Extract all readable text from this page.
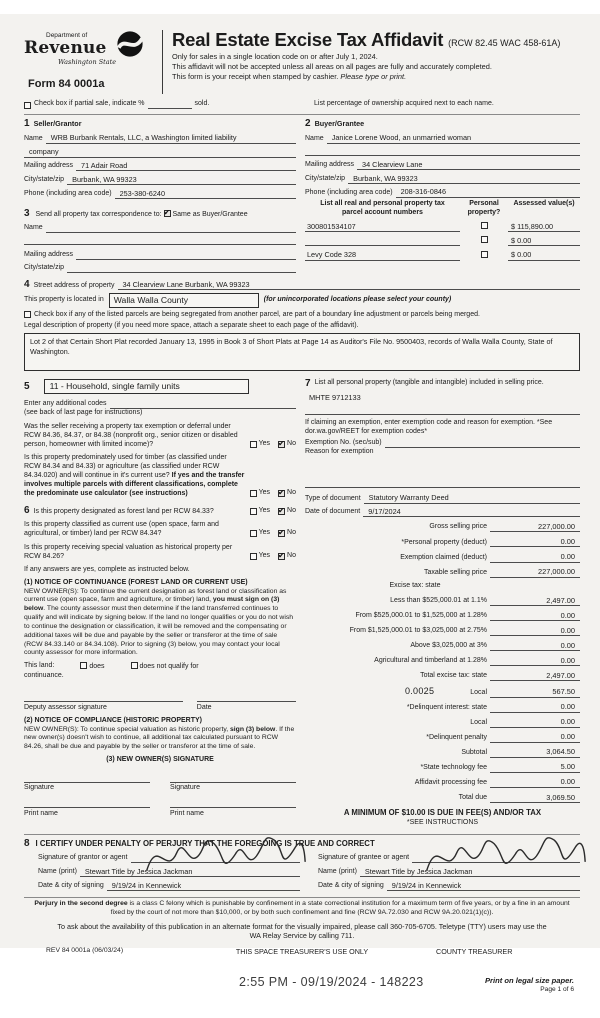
Department of
Revenue
Washington State
Form 84 0001a
Real Estate Excise Tax Affidavit (RCW 82.45 WAC 458-61A)
Only for sales in a single location code on or after July 1, 2024.
This affidavit will not be accepted unless all areas on all pages are fully and accurately completed.
This form is your receipt when stamped by cashier. Please type or print.
Check box if partial sale, indicate %	sold.	List percentage of ownership acquired next to each name.
1 Seller/Grantor
Name	WRB Burbank Rentals, LLC, a Washington limited liability
company
Mailing address	71 Adair Road
City/state/zip	Burbank, WA 99323
Phone (including area code)	253-380-6240
3 Send all property tax correspondence to: ✔ Same as Buyer/Grantee
Name
Mailing address
City/state/zip
2 Buyer/Grantee
Name	Janice Lorene Wood, an unmarried woman
Mailing address	34 Clearview Lane
City/state/zip	Burbank, WA 99323
Phone (including area code)	208-316-0846
List all real and personal property tax parcel account numbers
Personal property?
Assessed value(s)
300801534107	$ 115,890.00
$ 0.00
Levy Code 328	$ 0.00
4 Street address of property	34 Clearview Lane Burbank, WA 99323
This property is located in	Walla Walla County	(for unincorporated locations please select your county)
Check box if any of the listed parcels are being segregated from another parcel, are part of a boundary line adjustment or parcels being merged.
Legal description of property (if you need more space, attach a separate sheet to each page of the affidavit).
Lot 2 of that Certain Short Plat recorded January 13, 1995 in Book 3 of Short Plats at Page 14 as Auditor's File No. 9500403, records of Walla Walla County, State of Washington.
5	11 - Household, single family units
Enter any additional codes
(see back of last page for instructions)
Was the seller receiving a property tax exemption or deferral under RCW 84.36, 84.37, or 84.38 (nonprofit org., senior citizen or disabled person, homeowner with limited income)?	Yes ✔ No
Is this property predominately used for timber (as classified under RCW 84.34 and 84.33) or agriculture (as classified under RCW 84.34.020) and will continue in it's current use? If yes and the transfer involves multiple parcels with different classifications, complete the predominate use calculator (see instructions)	Yes ✔ No
6 Is this property designated as forest land per RCW 84.33?	Yes ✔ No
Is this property classified as current use (open space, farm and agricultural, or timber) land per RCW 84.34?	Yes ✔ No
Is this property receiving special valuation as historical property per RCW 84.26?	Yes ✔ No
If any answers are yes, complete as instructed below.
(1) NOTICE OF CONTINUANCE (FOREST LAND OR CURRENT USE)
NEW OWNER(S): To continue the current designation as forest land or classification as current use (open space, farm and agriculture, or timber) land, you must sign on (3) below. The county assessor must then determine if the land transferred continues to qualify and will indicate by signing below. If the land no longer qualifies or you do not wish to continue the designation or classification, it will be removed and the compensating or additional taxes will be due and payable by the seller or transferor at the time of sale (RCW 84.33.140 or 84.34.108). Prior to signing (3) below, you may contact your local county assessor for more information.
This land:	does	does not qualify for
continuance.
Deputy assessor signature	Date
(2) NOTICE OF COMPLIANCE (HISTORIC PROPERTY)
NEW OWNER(S): To continue special valuation as historic property, sign (3) below. If the new owner(s) doesn't wish to continue, all additional tax calculated pursuant to RCW 84.26, shall be due and payable by the seller or transferor at the time of sale.
(3) NEW OWNER(S) SIGNATURE
Signature	Signature
Print name	Print name
7 List all personal property (tangible and intangible) included in selling price.
MHTE 9712133
If claiming an exemption, enter exemption code and reason for exemption. *See dor.wa.gov/REET for exemption codes*
Exemption No. (sec/sub)
Reason for exemption
Type of document	Statutory Warranty Deed
Date of document	9/17/2024
Gross selling price	227,000.00
*Personal property (deduct)	0.00
Exemption claimed (deduct)	0.00
Taxable selling price	227,000.00
Excise tax: state
Less than $525,000.01 at 1.1%	2,497.00
From $525,000.01 to $1,525,000 at 1.28%	0.00
From $1,525,000.01 to $3,025,000 at 2.75%	0.00
Above $3,025,000 at 3%	0.00
Agricultural and timberland at 1.28%	0.00
Total excise tax: state	2,497.00
0.0025	Local	567.50
*Delinquent interest: state	0.00
Local	0.00
*Delinquent penalty	0.00
Subtotal	3,064.50
*State technology fee	5.00
Affidavit processing fee	0.00
Total due	3,069.50
A MINIMUM OF $10.00 IS DUE IN FEE(S) AND/OR TAX
*SEE INSTRUCTIONS
8 I CERTIFY UNDER PENALTY OF PERJURY THAT THE FOREGOING IS TRUE AND CORRECT
Signature of grantor or agent
Name (print)	Stewart Title by Jessica Jackman
Date & city of signing	9/19/24 in Kennewick
Signature of grantee or agent
Name (print)	Stewart Title by Jessica Jackman
Date & city of signing	9/19/24 in Kennewick
Perjury in the second degree is a class C felony which is punishable by confinement in a state correctional institution for a maximum term of five years, or by a fine in an amount fixed by the court of not more than $10,000, or by both such confinement and fine (RCW 9A.72.030 and RCW 9A.20.021(1)(c)).
To ask about the availability of this publication in an alternate format for the visually impaired, please call 360-705-6705. Teletype (TTY) users may use the WA Relay Service by calling 711.
REV 84 0001a (06/03/24)	THIS SPACE TREASURER'S USE ONLY	COUNTY TREASURER
2:55 PM - 09/19/2024 - 148223	Print on legal size paper.
Page 1 of 6
